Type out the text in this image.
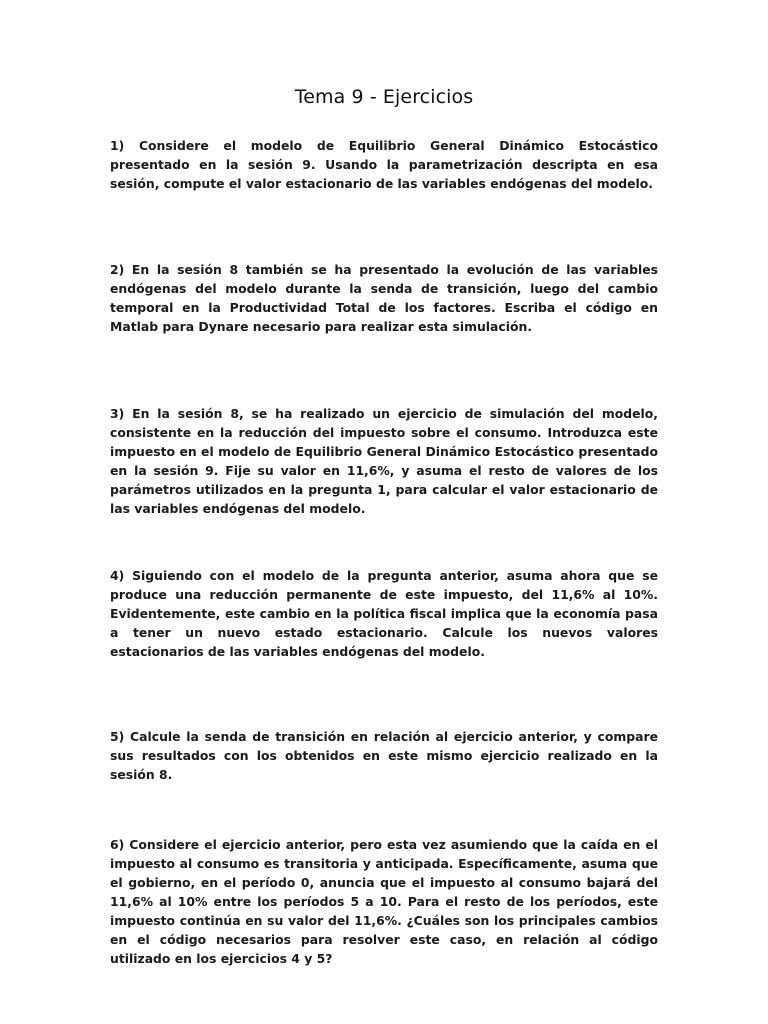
Tema 9 - Ejercicios

1) Considere el modelo de Equilibrio General Dinámico Estocástico presentado en la sesión 9. Usando la parametrización descripta en esa sesión, compute el valor estacionario de las variables endógenas del modelo.

2) En la sesión 8 también se ha presentado la evolución de las variables endógenas del modelo durante la senda de transición, luego del cambio temporal en la Productividad Total de los factores. Escriba el código en Matlab para Dynare necesario para realizar esta simulación.

3) En la sesión 8, se ha realizado un ejercicio de simulación del modelo, consistente en la reducción del impuesto sobre el consumo. Introduzca este impuesto en el modelo de Equilibrio General Dinámico Estocástico presentado en la sesión 9. Fije su valor en 11,6%, y asuma el resto de valores de los parámetros utilizados en la pregunta 1, para calcular el valor estacionario de las variables endógenas del modelo.

4) Siguiendo con el modelo de la pregunta anterior, asuma ahora que se produce una reducción permanente de este impuesto, del 11,6% al 10%. Evidentemente, este cambio en la política fiscal implica que la economía pasa a tener un nuevo estado estacionario. Calcule los nuevos valores estacionarios de las variables endógenas del modelo.

5) Calcule la senda de transición en relación al ejercicio anterior, y compare sus resultados con los obtenidos en este mismo ejercicio realizado en la sesión 8.

6) Considere el ejercicio anterior, pero esta vez asumiendo que la caída en el impuesto al consumo es transitoria y anticipada. Específicamente, asuma que el gobierno, en el período 0, anuncia que el impuesto al consumo bajará del 11,6% al 10% entre los períodos 5 a 10. Para el resto de los períodos, este impuesto continúa en su valor del 11,6%. ¿Cuáles son los principales cambios en el código necesarios para resolver este caso, en relación al código utilizado en los ejercicios 4 y 5?
